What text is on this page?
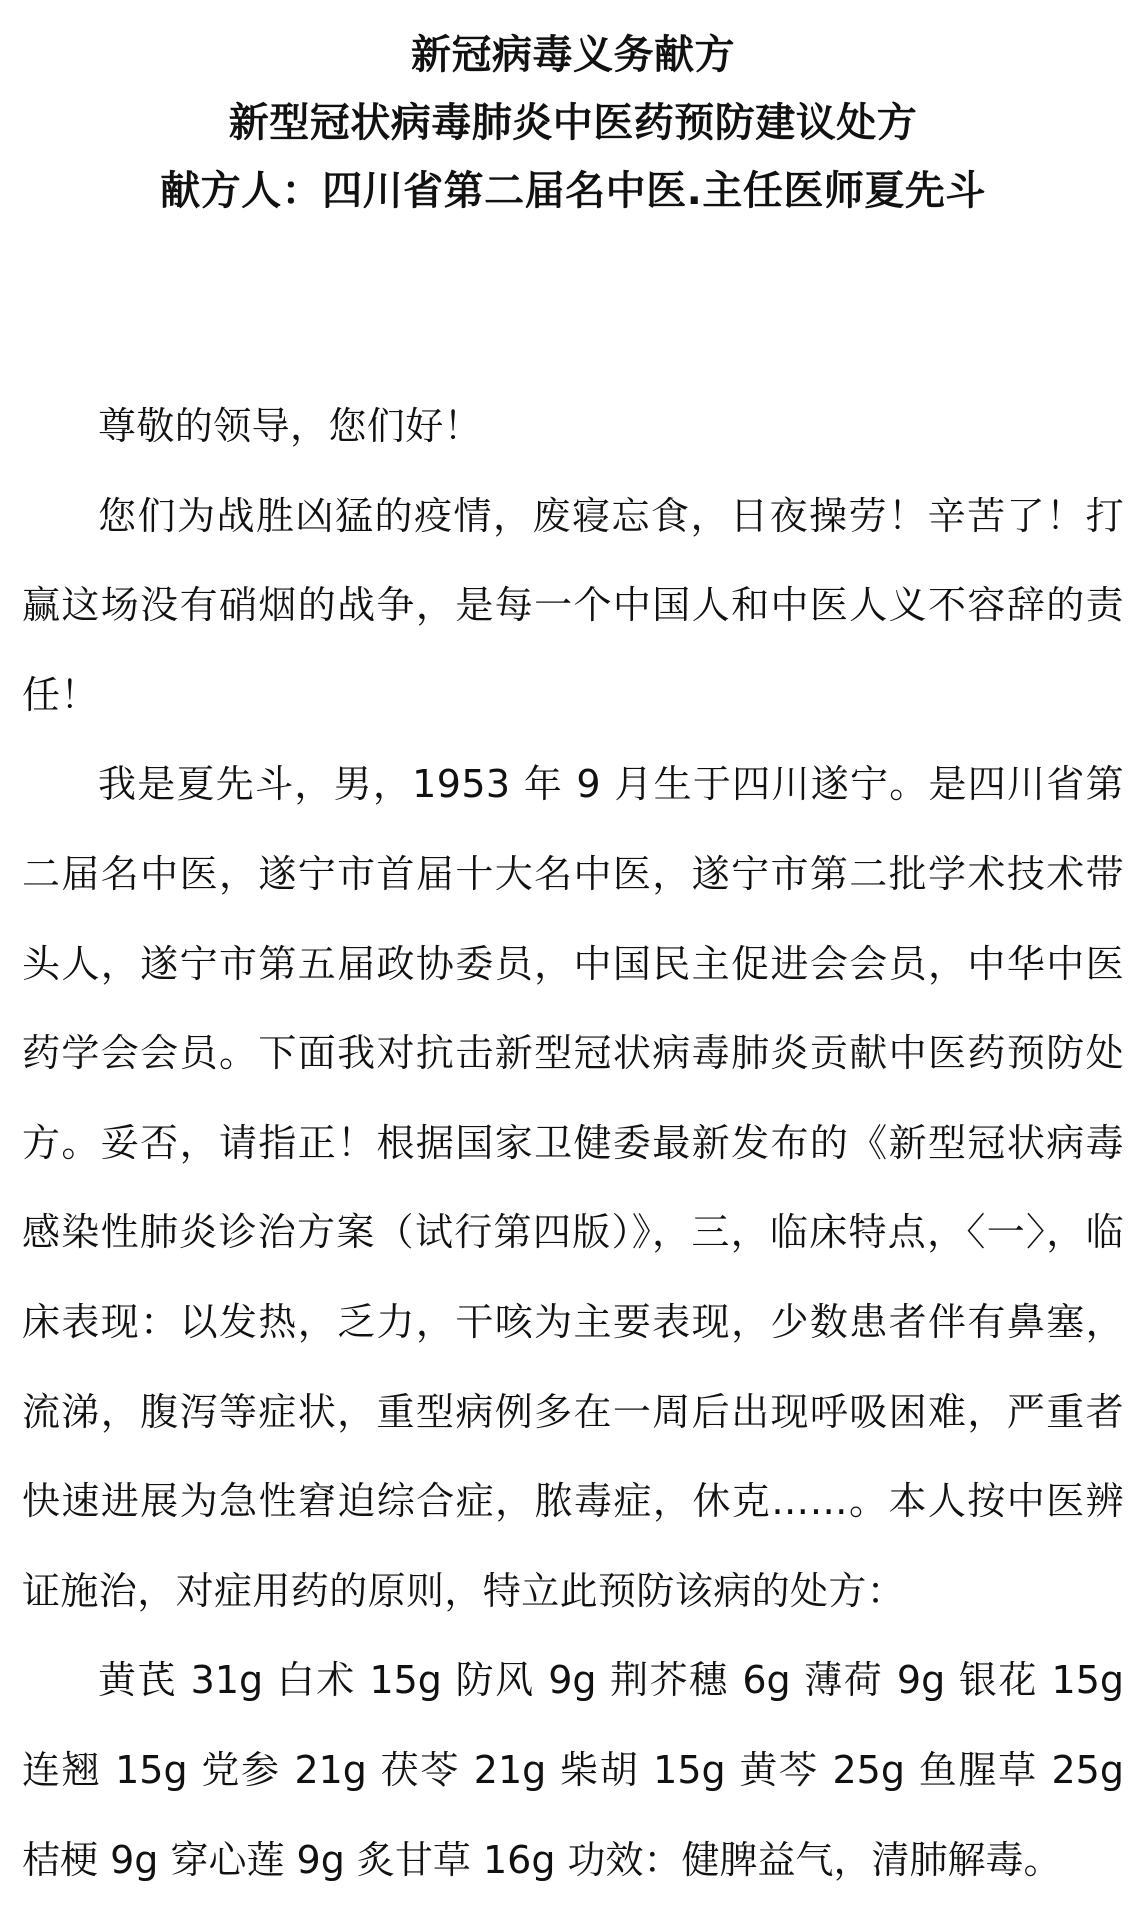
新冠病毒义务献方
新型冠状病毒肺炎中医药预防建议处方
献方人：四川省第二届名中医.主任医师夏先斗

尊敬的领导，您们好！

您们为战胜凶猛的疫情，废寝忘食，日夜操劳！辛苦了！打赢这场没有硝烟的战争，是每一个中国人和中医人义不容辞的责任！

我是夏先斗，男，1953 年 9 月生于四川遂宁。是四川省第二届名中医，遂宁市首届十大名中医，遂宁市第二批学术技术带头人，遂宁市第五届政协委员，中国民主促进会会员，中华中医药学会会员。下面我对抗击新型冠状病毒肺炎贡献中医药预防处方。妥否，请指正！根据国家卫健委最新发布的《新型冠状病毒感染性肺炎诊治方案（试行第四版）》，三，临床特点，〈一〉，临床表现：以发热，乏力，干咳为主要表现，少数患者伴有鼻塞，流涕，腹泻等症状，重型病例多在一周后出现呼吸困难，严重者快速进展为急性窘迫综合症，脓毒症，休克……。本人按中医辨证施治，对症用药的原则，特立此预防该病的处方：

黄芪 31g 白术 15g 防风 9g 荆芥穗 6g 薄荷 9g 银花 15g 连翘 15g 党参 21g 茯苓 21g 柴胡 15g 黄芩 25g 鱼腥草 25g 桔梗 9g 穿心莲 9g 炙甘草 16g 功效：健脾益气，清肺解毒。
